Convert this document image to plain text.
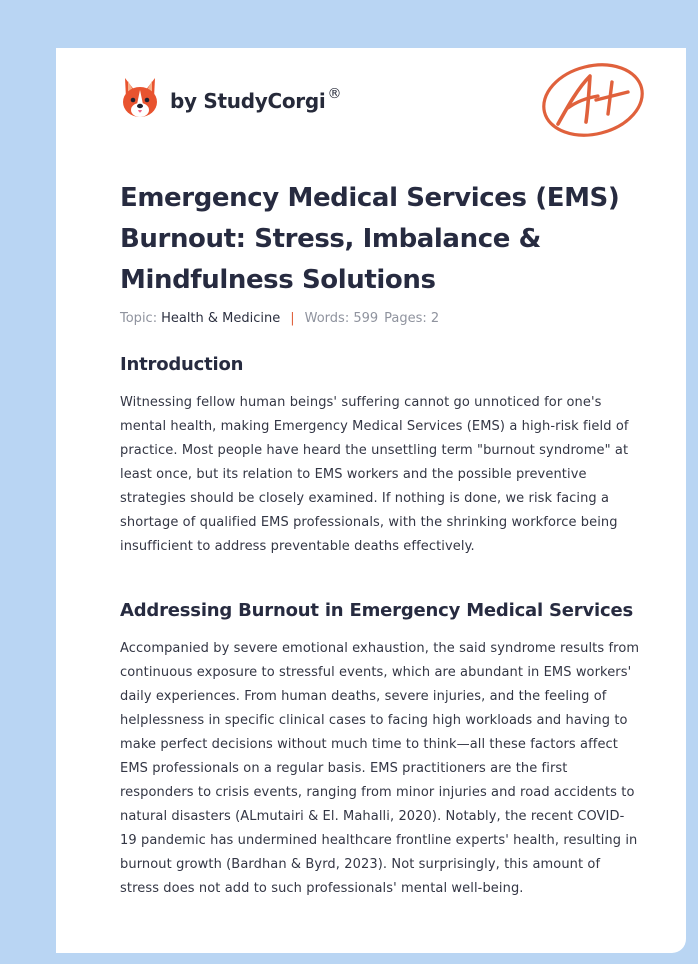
by StudyCorgi ®
Emergency Medical Services (EMS) Burnout: Stress, Imbalance & Mindfulness Solutions
Topic: Health & Medicine | Words: 599 Pages: 2
Introduction

Witnessing fellow human beings' suffering cannot go unnoticed for one's mental health, making Emergency Medical Services (EMS) a high-risk field of practice. Most people have heard the unsettling term "burnout syndrome" at least once, but its relation to EMS workers and the possible preventive strategies should be closely examined. If nothing is done, we risk facing a shortage of qualified EMS professionals, with the shrinking workforce being insufficient to address preventable deaths effectively.

Addressing Burnout in Emergency Medical Services

Accompanied by severe emotional exhaustion, the said syndrome results from continuous exposure to stressful events, which are abundant in EMS workers' daily experiences. From human deaths, severe injuries, and the feeling of helplessness in specific clinical cases to facing high workloads and having to make perfect decisions without much time to think—all these factors affect EMS professionals on a regular basis. EMS practitioners are the first responders to crisis events, ranging from minor injuries and road accidents to natural disasters (ALmutairi & El. Mahalli, 2020). Notably, the recent COVID-19 pandemic has undermined healthcare frontline experts' health, resulting in burnout growth (Bardhan & Byrd, 2023). Not surprisingly, this amount of stress does not add to such professionals' mental well-being.
